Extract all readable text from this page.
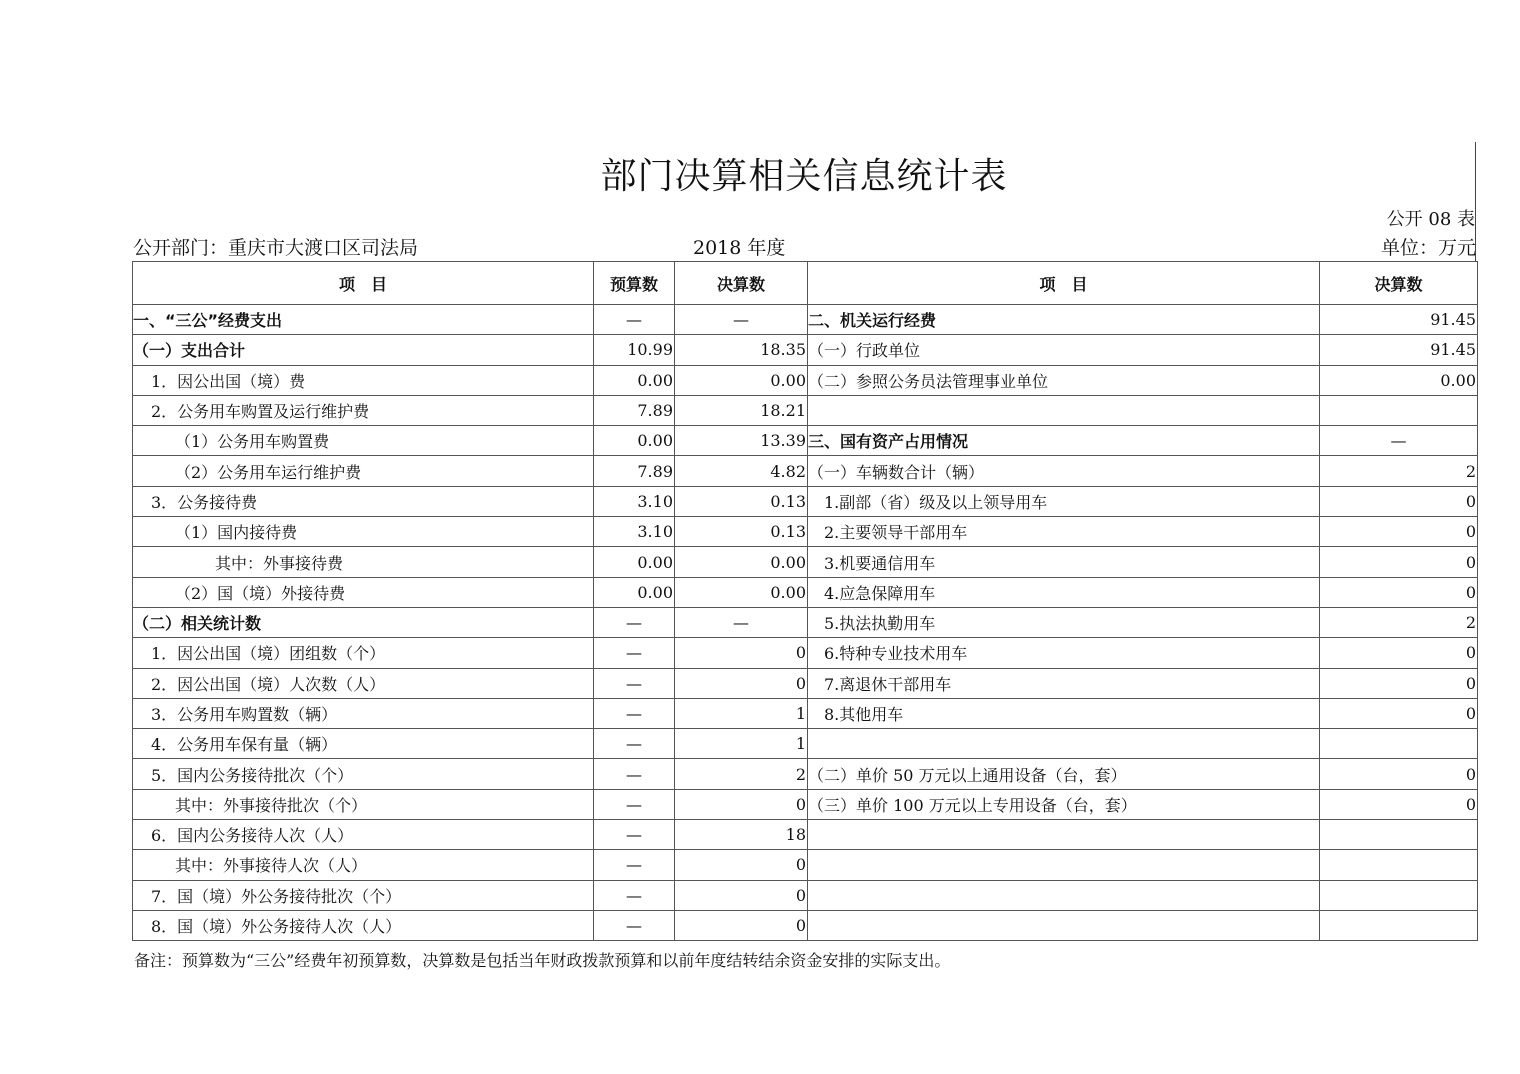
部门决算相关信息统计表
公开 08 表
公开部门：重庆市大渡口区司法局	2018 年度	单位：万元
项　目	预算数	决算数	项　目	决算数
一、“三公”经费支出	—	—	二、机关运行经费	91.45
（一）支出合计	10.99	18.35	（一）行政单位	91.45
1．因公出国（境）费	0.00	0.00	（二）参照公务员法管理事业单位	0.00
2．公务用车购置及运行维护费	7.89	18.21		
（1）公务用车购置费	0.00	13.39	三、国有资产占用情况	—
（2）公务用车运行维护费	7.89	4.82	（一）车辆数合计（辆）	2
3．公务接待费	3.10	0.13	1.副部（省）级及以上领导用车	0
（1）国内接待费	3.10	0.13	2.主要领导干部用车	0
其中：外事接待费	0.00	0.00	3.机要通信用车	0
（2）国（境）外接待费	0.00	0.00	4.应急保障用车	0
（二）相关统计数	—	—	5.执法执勤用车	2
1．因公出国（境）团组数（个）	—	0	6.特种专业技术用车	0
2．因公出国（境）人次数（人）	—	0	7.离退休干部用车	0
3．公务用车购置数（辆）	—	1	8.其他用车	0
4．公务用车保有量（辆）	—	1		
5．国内公务接待批次（个）	—	2	（二）单价 50 万元以上通用设备（台，套）	0
其中：外事接待批次（个）	—	0	（三）单价 100 万元以上专用设备（台，套）	0
6．国内公务接待人次（人）	—	18		
其中：外事接待人次（人）	—	0		
7．国（境）外公务接待批次（个）	—	0		
8．国（境）外公务接待人次（人）	—	0		
备注：预算数为“三公”经费年初预算数，决算数是包括当年财政拨款预算和以前年度结转结余资金安排的实际支出。
